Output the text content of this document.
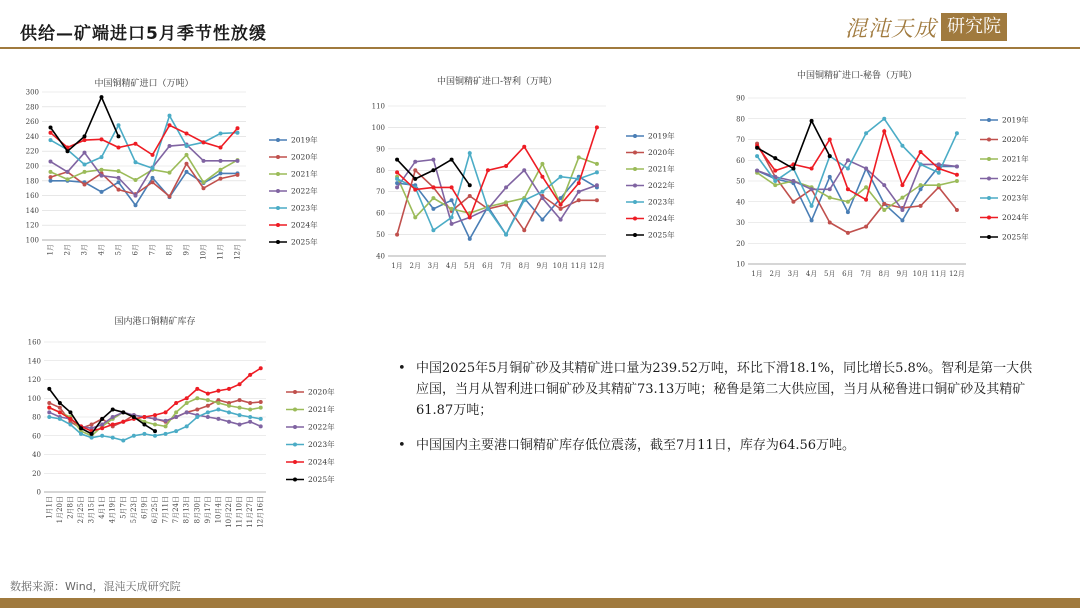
供给—矿端进口5月季节性放缓	混沌天成 研究院
中国铜精矿进口（万吨）
100
120
140
160
180
200
220
240
260
280
300
1月 2月 3月 4月 5月 6月 7月 8月 9月 10月 11月 12月
2019年
2020年
2021年
2022年
2023年
2024年
2025年
中国铜精矿进口-智利（万吨）
40
50
60
70
80
90
100
110
1月 2月 3月 4月 5月 6月 7月 8月 9月 10月 11月 12月
2019年
2020年
2021年
2022年
2023年
2024年
2025年
中国铜精矿进口-秘鲁（万吨）
10
20
30
40
50
60
70
80
90
1月 2月 3月 4月 5月 6月 7月 8月 9月 10月 11月 12月
2019年
2020年
2021年
2022年
2023年
2024年
2025年
国内港口铜精矿库存
0
20
40
60
80
100
120
140
160
1月1日 1月20日 2月8日 2月25日 3月15日 4月1日 4月19日 5月7日 5月23日 6月9日 6月25日 7月11日 7月24日 8月13日 8月30日 9月17日 10月4日 10月22日 11月10日 11月27日 12月16日
2020年
2021年
2022年
2023年
2024年
2025年
• 中国2025年5月铜矿砂及其精矿进口量为239.52万吨，环比下滑18.1%，同比增长5.8%。智利是第一大供应国，当月从智利进口铜矿砂及其精矿73.13万吨；秘鲁是第二大供应国，当月从秘鲁进口铜矿砂及其精矿61.87万吨；
• 中国国内主要港口铜精矿库存低位震荡，截至7月11日，库存为64.56万吨。
数据来源：Wind，混沌天成研究院
